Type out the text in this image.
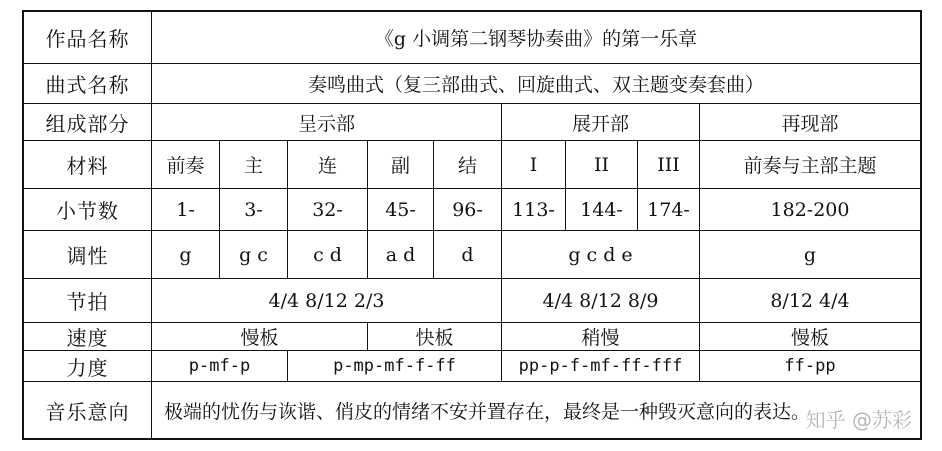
作品名称	《g 小调第二钢琴协奏曲》的第一乐章
曲式名称	奏鸣曲式（复三部曲式、回旋曲式、双主题变奏套曲）
组成部分	呈示部	展开部	再现部
材料	前奏	主	连	副	结	I	II	III	前奏与主部主题
小节数	1-	3-	32-	45-	96-	113-	144-	174-	182-200
调性	g	g c	c d	a d	d	g c d e	g
节拍	4/4 8/12 2/3	4/4 8/12 8/9	8/12 4/4
速度	慢板	快板	稍慢	慢板
力度	p-mf-p	p-mp-mf-f-ff	pp-p-f-mf-ff-fff	ff-pp
音乐意向	极端的忧伤与诙谐、俏皮的情绪不安并置存在，最终是一种毁灭意向的表达。
知乎 @苏彩
